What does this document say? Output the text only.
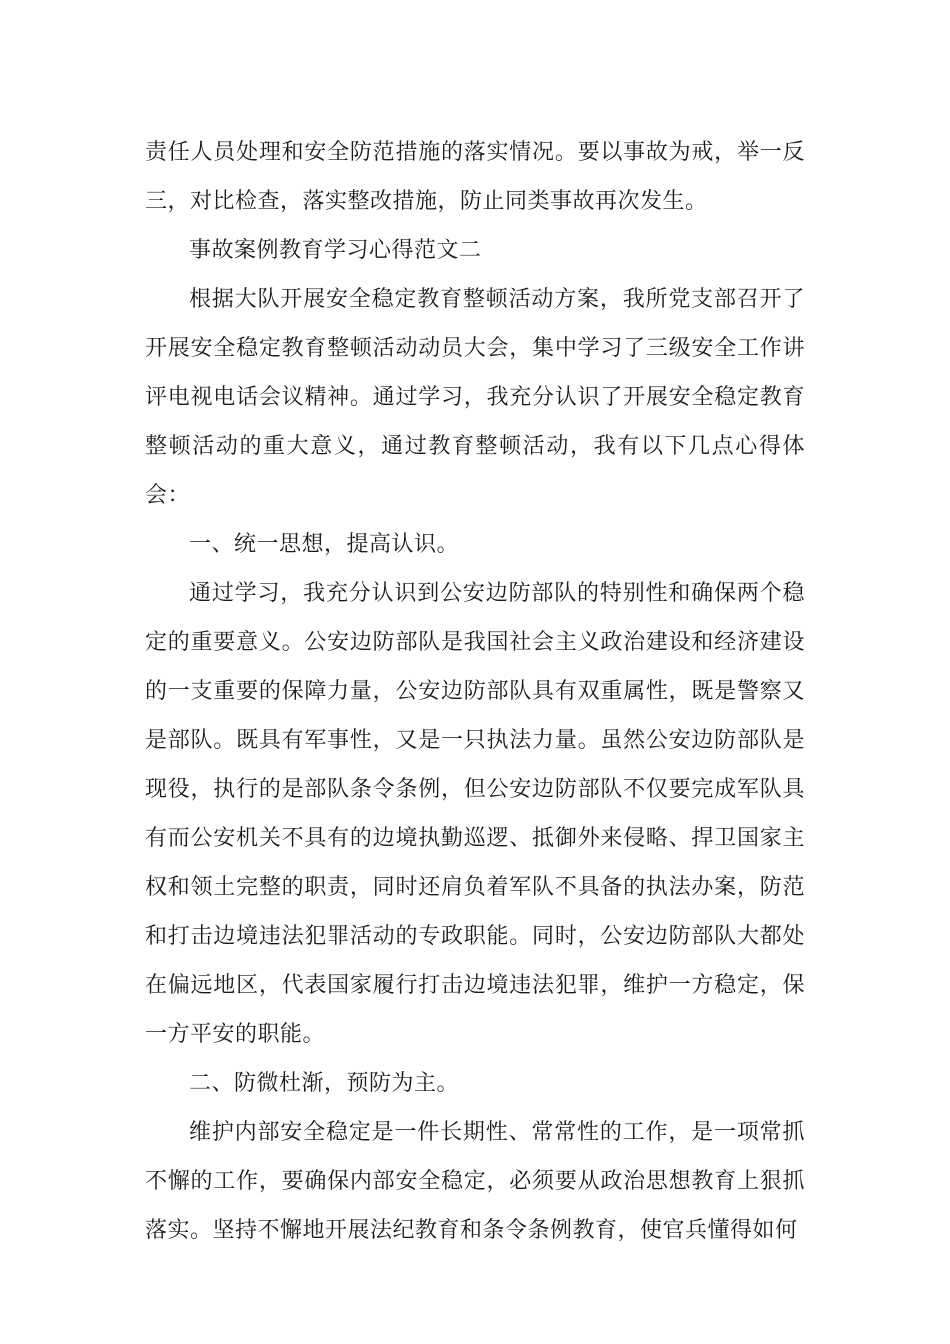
责任人员处理和安全防范措施的落实情况。要以事故为戒，举一反三，对比检查，落实整改措施，防止同类事故再次发生。

事故案例教育学习心得范文二

根据大队开展安全稳定教育整顿活动方案，我所党支部召开了开展安全稳定教育整顿活动动员大会，集中学习了三级安全工作讲评电视电话会议精神。通过学习，我充分认识了开展安全稳定教育整顿活动的重大意义，通过教育整顿活动，我有以下几点心得体会：

一、统一思想，提高认识。

通过学习，我充分认识到公安边防部队的特别性和确保两个稳定的重要意义。公安边防部队是我国社会主义政治建设和经济建设的一支重要的保障力量，公安边防部队具有双重属性，既是警察又是部队。既具有军事性，又是一只执法力量。虽然公安边防部队是现役，执行的是部队条令条例，但公安边防部队不仅要完成军队具有而公安机关不具有的边境执勤巡逻、抵御外来侵略、捍卫国家主权和领土完整的职责，同时还肩负着军队不具备的执法办案，防范和打击边境违法犯罪活动的专政职能。同时，公安边防部队大都处在偏远地区，代表国家履行打击边境违法犯罪，维护一方稳定，保一方平安的职能。

二、防微杜渐，预防为主。

维护内部安全稳定是一件长期性、常常性的工作，是一项常抓不懈的工作，要确保内部安全稳定，必须要从政治思想教育上狠抓落实。坚持不懈地开展法纪教育和条令条例教育，使官兵懂得如何
